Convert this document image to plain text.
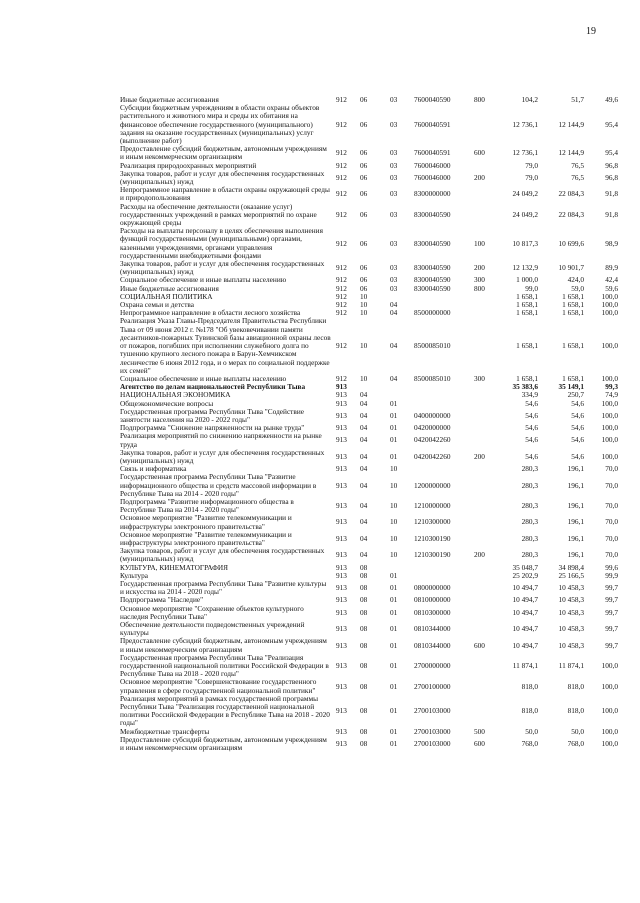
19
Иные бюджетные ассигнования	912	06	03	7600040590	800	104,2	51,7	49,6
Субсидии бюджетным учреждениям в области охраны объектов растительного и животного мира и среды их обитания на финансовое обеспечение государственного (муниципального) задания на оказание государственных (муниципальных) услуг (выполнение работ)	912	06	03	7600040591		12 736,1	12 144,9	95,4
Предоставление субсидий бюджетным, автономным учреждениям и иным некоммерческим организациям	912	06	03	7600040591	600	12 736,1	12 144,9	95,4
Реализация природоохранных мероприятий	912	06	03	7600046000		79,0	76,5	96,8
Закупка товаров, работ и услуг для обеспечения государственных (муниципальных) нужд	912	06	03	7600046000	200	79,0	76,5	96,8
Непрограммное направление в области охраны окружающей среды и природопользования	912	06	03	8300000000		24 049,2	22 084,3	91,8
Расходы на обеспечение деятельности (оказание услуг) государственных учреждений в рамках мероприятий по охране окружающей среды	912	06	03	8300040590		24 049,2	22 084,3	91,8
Расходы на выплаты персоналу в целях обеспечения выполнения функций государственными (муниципальными) органами, казенными учреждениями, органами управления государственными внебюджетными фондами	912	06	03	8300040590	100	10 817,3	10 699,6	98,9
Закупка товаров, работ и услуг для обеспечения государственных (муниципальных) нужд	912	06	03	8300040590	200	12 132,9	10 901,7	89,9
Социальное обеспечение и иные выплаты населению	912	06	03	8300040590	300	1 000,0	424,0	42,4
Иные бюджетные ассигнования	912	06	03	8300040590	800	99,0	59,0	59,6
СОЦИАЛЬНАЯ ПОЛИТИКА	912	10				1 658,1	1 658,1	100,0
Охрана семьи и детства	912	10	04			1 658,1	1 658,1	100,0
Непрограммное направление в области лесного хозяйства	912	10	04	8500000000		1 658,1	1 658,1	100,0
Реализация Указа Главы-Председателя Правительства Республики Тыва от 09 июня 2012 г. №178 "Об увековечивании памяти десантников-пожарных Тувинской базы авиационной охраны лесов от пожаров, погибших при исполнении служебного долга по тушению крупного лесного пожара в Барун-Хемчикском лесничестве 6 июня 2012 года, и о мерах по социальной поддержке их семей"	912	10	04	8500085010		1 658,1	1 658,1	100,0
Социальное обеспечение и иные выплаты населению	912	10	04	8500085010	300	1 658,1	1 658,1	100,0
Агентство по делам национальностей Республики Тыва	913					35 383,6	35 149,1	99,3
НАЦИОНАЛЬНАЯ ЭКОНОМИКА	913	04				334,9	250,7	74,9
Общеэкономические вопросы	913	04	01			54,6	54,6	100,0
Государственная программа Республики Тыва "Содействие занятости населения на 2020 - 2022 годы"	913	04	01	0400000000		54,6	54,6	100,0
Подпрограмма "Снижение напряженности на рынке труда"	913	04	01	0420000000		54,6	54,6	100,0
Реализация мероприятий по снижению напряженности на рынке труда	913	04	01	0420042260		54,6	54,6	100,0
Закупка товаров, работ и услуг для обеспечения государственных (муниципальных) нужд	913	04	01	0420042260	200	54,6	54,6	100,0
Связь и информатика	913	04	10			280,3	196,1	70,0
Государственная программа Республики Тыва "Развитие информационного общества и средств массовой информации в Республике Тыва на 2014 - 2020 годы"	913	04	10	1200000000		280,3	196,1	70,0
Подпрограмма "Развитие информационного общества в Республике Тыва на 2014 - 2020 годы"	913	04	10	1210000000		280,3	196,1	70,0
Основное мероприятие "Развитие телекоммуникации и инфраструктуры электронного правительства"	913	04	10	1210300000		280,3	196,1	70,0
Основное мероприятие "Развитие телекоммуникации и инфраструктуры электронного правительства"	913	04	10	1210300190		280,3	196,1	70,0
Закупка товаров, работ и услуг для обеспечения государственных (муниципальных) нужд	913	04	10	1210300190	200	280,3	196,1	70,0
КУЛЬТУРА, КИНЕМАТОГРАФИЯ	913	08				35 048,7	34 898,4	99,6
Культура	913	08	01			25 202,9	25 166,5	99,9
Государственная программа Республики Тыва "Развитие культуры и искусства на 2014 - 2020 годы"	913	08	01	0800000000		10 494,7	10 458,3	99,7
Подпрограмма "Наследие"	913	08	01	0810000000		10 494,7	10 458,3	99,7
Основное мероприятие "Сохранение объектов культурного наследия Республики Тыва"	913	08	01	0810300000		10 494,7	10 458,3	99,7
Обеспечение деятельности подведомственных учреждений культуры	913	08	01	0810344000		10 494,7	10 458,3	99,7
Предоставление субсидий бюджетным, автономным учреждениям и иным некоммерческим организациям	913	08	01	0810344000	600	10 494,7	10 458,3	99,7
Государственная программа Республики Тыва "Реализация государственной национальной политики Российской Федерации в Республике Тыва на 2018 - 2020 годы"	913	08	01	2700000000		11 874,1	11 874,1	100,0
Основное мероприятие "Совершенствование государственного управления в сфере государственной национальной политики"	913	08	01	2700100000		818,0	818,0	100,0
Реализация мероприятий в рамках государственной программы Республики Тыва "Реализация государственной национальной политики Российской Федерации в Республике Тыва на 2018 - 2020 годы"	913	08	01	2700103000		818,0	818,0	100,0
Межбюджетные трансферты	913	08	01	2700103000	500	50,0	50,0	100,0
Предоставление субсидий бюджетным, автономным учреждениям и иным некоммерческим организациям	913	08	01	2700103000	600	768,0	768,0	100,0
